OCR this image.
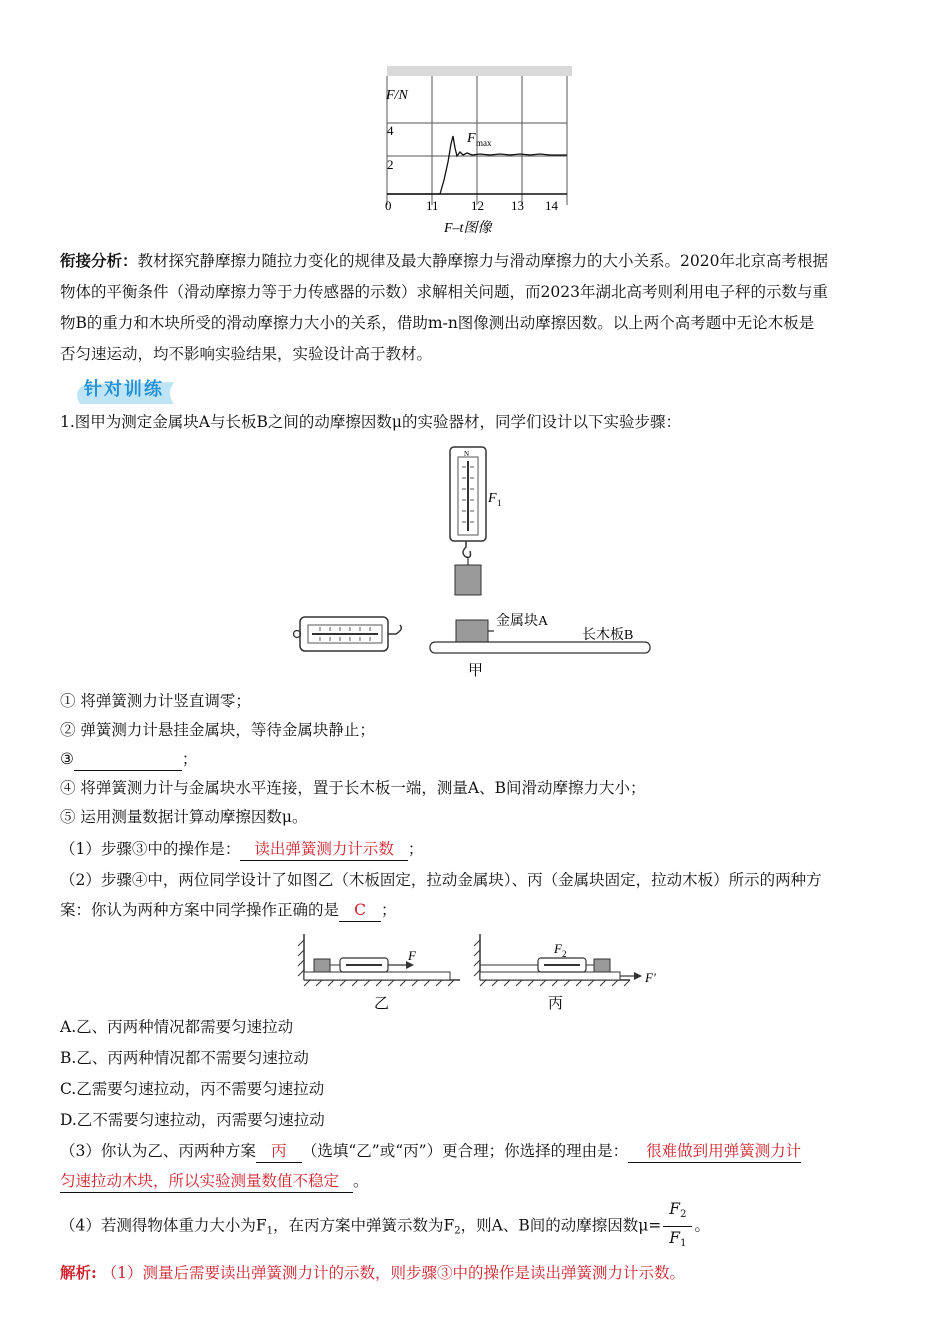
F/N
4
2
F max
0	11 12 13 14
F–t图像
衔接分析：教材探究静摩擦力随拉力变化的规律及最大静摩擦力与滑动摩擦力的大小关系。2020年北京高考根据
物体的平衡条件（滑动摩擦力等于力传感器的示数）求解相关问题，而2023年湖北高考则利用电子秤的示数与重
物B的重力和木块所受的滑动摩擦力大小的关系，借助m-n图像测出动摩擦因数。以上两个高考题中无论木板是
否匀速运动，均不影响实验结果，实验设计高于教材。
针对训练
1.图甲为测定金属块A与长板B之间的动摩擦因数μ的实验器材，同学们设计以下实验步骤：
N
F 1
金属块A
长木板B
甲
① 将弹簧测力计竖直调零；
② 弹簧测力计悬挂金属块，等待金属块静止；
③	；
④ 将弹簧测力计与金属块水平连接，置于长木板一端，测量A、B间滑动摩擦力大小；
⑤ 运用测量数据计算动摩擦因数μ。
（1）步骤③中的操作是： 读出弹簧测力计示数 ；
（2）步骤④中，两位同学设计了如图乙（木板固定，拉动金属块）、丙（金属块固定，拉动木板）所示的两种方
案：你认为两种方案中同学操作正确的是 C ；
F
乙
F 2
F′
丙
A.乙、丙两种情况都需要匀速拉动
B.乙、丙两种情况都不需要匀速拉动
C.乙需要匀速拉动，丙不需要匀速拉动
D.乙不需要匀速拉动，丙需要匀速拉动
（3）你认为乙、丙两种方案 丙 （选填“乙”或“丙”）更合理；你选择的理由是： 很难做到用弹簧测力计
匀速拉动木块，所以实验测量数值不稳定 。
（4）若测得物体重力大小为$F_1$，在丙方案中弹簧示数为$F_2$，则A、B间的动摩擦因数$\mu= \frac{F_2}{F_1}$ 。
解析: （1）测量后需要读出弹簧测力计的示数，则步骤③中的操作是读出弹簧测力计示数。
